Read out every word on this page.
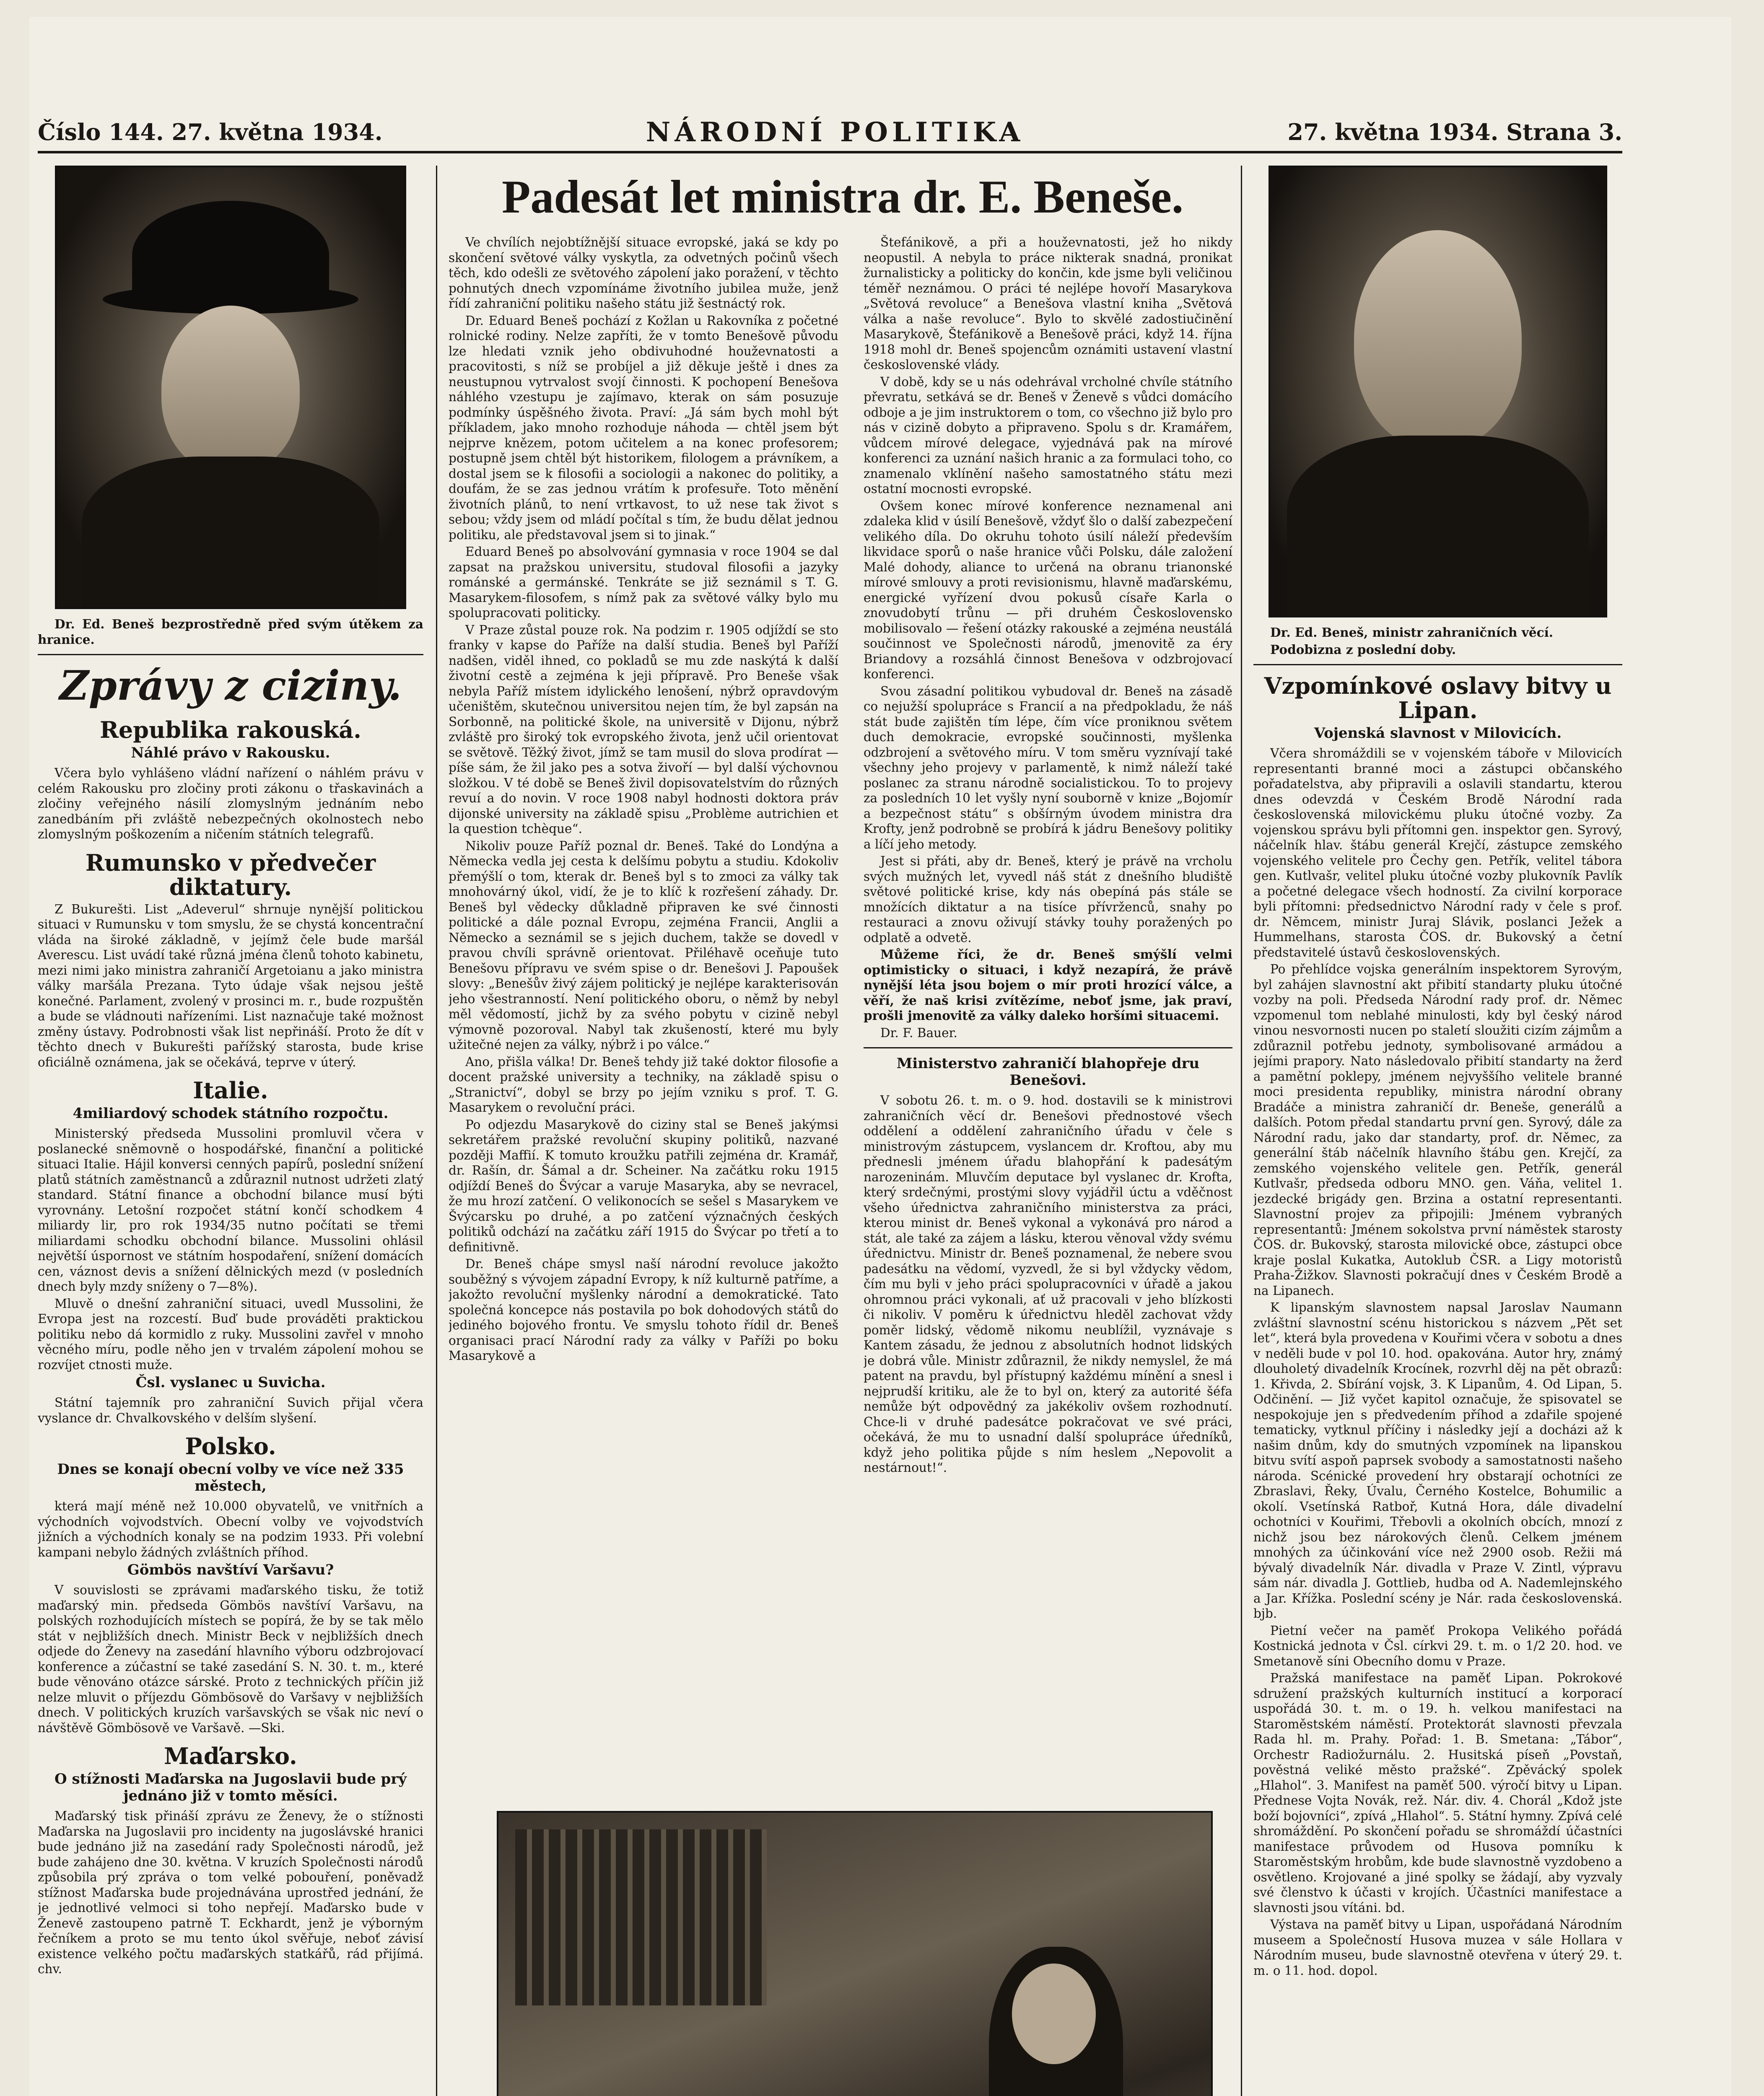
Číslo 144. 27. května 1934.	NÁRODNÍ POLITIKA	27. května 1934. Strana 3.

Dr. Ed. Beneš bezprostředně před svým útěkem za hranice.

Zprávy z ciziny.
Republika rakouská.
Náhlé právo v Rakousku.

Včera bylo vyhlášeno vládní nařízení o náhlém právu v celém Rakousku pro zločiny proti zákonu o třaskavinách a zločiny veřejného násilí zlomyslným jednáním nebo zanedbáním při zvláště nebezpečných okolnostech nebo zlomyslným poškozením a ničením státních telegrafů.

Rumunsko v předvečer diktatury.

Z Bukurešti. List „Adeverul“ shrnuje nynější politickou situaci v Rumunsku v tom smyslu, že se chystá koncentrační vláda na široké základně, v jejímž čele bude maršál Averescu. List uvádí také různá jména členů tohoto kabinetu, mezi nimi jako ministra zahraničí Argetoianu a jako ministra války maršála Prezana. Tyto údaje však nejsou ještě konečné. Parlament, zvolený v prosinci m. r., bude rozpuštěn a bude se vládnouti nařízeními. List naznačuje také možnost změny ústavy. Podrobnosti však list nepřináší. Proto že dít v těchto dnech v Bukurešti pařížský starosta, bude krise oficiálně oznámena, jak se očekává, teprve v úterý.

Italie.
4miliardový schodek státního rozpočtu.

Ministerský předseda Mussolini promluvil včera v poslanecké sněmovně o hospodářské, finanční a politické situaci Italie. Hájil konversi cenných papírů, poslední snížení platů státních zaměstnanců a zdůraznil nutnost udržeti zlatý standard. Státní finance a obchodní bilance musí býti vyrovnány. Letošní rozpočet státní končí schodkem 4 miliardy lir, pro rok 1934/35 nutno počítati se třemi miliardami schodku obchodní bilance. Mussolini ohlásil největší úspornost ve státním hospodaření, snížení domácích cen, váznost devis a snížení dělnických mezd (v posledních dnech byly mzdy sníženy o 7—8%).

Mluvě o dnešní zahraniční situaci, uvedl Mussolini, že Evropa jest na rozcestí. Buď bude prováděti praktickou politiku nebo dá kormidlo z ruky. Mussolini zavřel v mnoho věcného míru, podle něho jen v trvalém zápolení mohou se rozvíjet ctnosti muže.

Čsl. vyslanec u Suvicha.

Státní tajemník pro zahraniční Suvich přijal včera vyslance dr. Chvalkovského v delším slyšení.

Polsko.
Dnes se konají obecní volby ve více než 335 městech,

která mají méně než 10.000 obyvatelů, ve vnitřních a východních vojvodstvích. Obecní volby ve vojvodstvích jižních a východních konaly se na podzim 1933. Při volební kampani nebylo žádných zvláštních příhod.

Gömbös navštíví Varšavu?

V souvislosti se zprávami maďarského tisku, že totiž maďarský min. předseda Gömbös navštíví Varšavu, na polských rozhodujících místech se popírá, že by se tak mělo stát v nejbližších dnech. Ministr Beck v nejbližších dnech odjede do Ženevy na zasedání hlavního výboru odzbrojovací konference a zúčastní se také zasedání S. N. 30. t. m., které bude věnováno otázce sárské. Proto z technických příčin již nelze mluvit o příjezdu Gömbösově do Varšavy v nejbližších dnech. V politických kruzích varšavských se však nic neví o návštěvě Gömbösově ve Varšavě. —Ski.

Maďarsko.
O stížnosti Maďarska na Jugoslavii bude prý jednáno již v tomto měsíci.

Maďarský tisk přináší zprávu ze Ženevy, že o stížnosti Maďarska na Jugoslavii pro incidenty na jugoslávské hranici bude jednáno již na zasedání rady Společnosti národů, jež bude zahájeno dne 30. května. V kruzích Společnosti národů způsobila prý zpráva o tom velké pobouření, poněvadž stížnost Maďarska bude projednávána uprostřed jednání, že je jednotlivé velmoci si toho nepřejí. Maďarsko bude v Ženevě zastoupeno patrně T. Eckhardt, jenž je výborným řečníkem a proto se mu tento úkol svěřuje, neboť závisí existence velkého počtu maďarských statkářů, rád přijímá. chv.

Padesát let ministra dr. E. Beneše.

Ve chvílích nejobtížnější situace evropské, jaká se kdy po skončení světové války vyskytla, za odvetných počinů všech těch, kdo odešli ze světového zápolení jako poražení, v těchto pohnutých dnech vzpomínáme životního jubilea muže, jenž řídí zahraniční politiku našeho státu již šestnáctý rok.

Dr. Eduard Beneš pochází z Kožlan u Rakovníka z početné rolnické rodiny. Nelze zapříti, že v tomto Benešově původu lze hledati vznik jeho obdivuhodné houževnatosti a pracovitosti, s níž se probíjel a již děkuje ještě i dnes za neustupnou vytrvalost svojí činnosti. K pochopení Benešova náhlého vzestupu je zajímavo, kterak on sám posuzuje podmínky úspěšného života. Praví: „Já sám bych mohl být příkladem, jako mnoho rozhoduje náhoda — chtěl jsem být nejprve knězem, potom učitelem a na konec profesorem; postupně jsem chtěl být historikem, filologem a právníkem, a dostal jsem se k filosofii a sociologii a nakonec do politiky, a doufám, že se zas jednou vrátím k profesuře. Toto měnění životních plánů, to není vrtkavost, to už nese tak život s sebou; vždy jsem od mládí počítal s tím, že budu dělat jednou politiku, ale představoval jsem si to jinak.“

Eduard Beneš po absolvování gymnasia v roce 1904 se dal zapsat na pražskou universitu, studoval filosofii a jazyky románské a germánské. Tenkráte se již seznámil s T. G. Masarykem-filosofem, s nímž pak za světové války bylo mu spolupracovati politicky.

V Praze zůstal pouze rok. Na podzim r. 1905 odjíždí se sto franky v kapse do Paříže na další studia. Beneš byl Paříží nadšen, viděl ihned, co pokladů se mu zde naskýtá k další životní cestě a zejména k jeji přípravě. Pro Beneše však nebyla Paříž místem idylického lenošení, nýbrž opravdovým učeništěm, skutečnou universitou nejen tím, že byl zapsán na Sorbonně, na politické škole, na universitě v Dijonu, nýbrž zvláště pro široký tok evropského života, jenž učil orientovat se světově. Těžký život, jímž se tam musil do slova prodírat — píše sám, že žil jako pes a sotva živoří — byl další výchovnou složkou. V té době se Beneš živil dopisovatelstvím do různých revuí a do novin. V roce 1908 nabyl hodnosti doktora práv dijonské university na základě spisu „Problème autrichien et la question tchèque“.

Nikoliv pouze Paříž poznal dr. Beneš. Také do Londýna a Německa vedla jej cesta k delšímu pobytu a studiu. Kdokoliv přemýšlí o tom, kterak dr. Beneš byl s to zmoci za války tak mnohovárný úkol, vidí, že je to klíč k rozřešení záhady. Dr. Beneš byl vědecky důkladně připraven ke své činnosti politické a dále poznal Evropu, zejména Francii, Anglii a Německo a seznámil se s jejich duchem, takže se dovedl v pravou chvíli správně orientovat. Přiléhavě oceňuje tuto Benešovu přípravu ve svém spise o dr. Benešovi J. Papoušek slovy: „Benešův živý zájem politický je nejlépe karakterisován jeho všestranností. Není politického oboru, o němž by nebyl měl vědomostí, jichž by za svého pobytu v cizině nebyl výmovně pozoroval. Nabyl tak zkušeností, které mu byly užitečné nejen za války, nýbrž i po válce.“

Ano, přišla válka! Dr. Beneš tehdy již také doktor filosofie a docent pražské university a techniky, na základě spisu o „Stranictví“, dobyl se brzy po jejím vzniku s prof. T. G. Masarykem o revoluční práci.

Po odjezdu Masarykově do ciziny stal se Beneš jakýmsi sekretářem pražské revoluční skupiny politiků, nazvané později Maffií. K tomuto kroužku patřili zejména dr. Kramář, dr. Rašín, dr. Šámal a dr. Scheiner. Na začátku roku 1915 odjíždí Beneš do Švýcar a varuje Masaryka, aby se nevracel, že mu hrozí zatčení. O velikonocích se sešel s Masarykem ve Švýcarsku po druhé, a po zatčení význačných českých politiků odchází na začátku září 1915 do Švýcar po třetí a to definitivně.

Dr. Beneš chápe smysl naší národní revoluce jakožto souběžný s vývojem západní Evropy, k níž kulturně patříme, a jakožto revoluční myšlenky národní a demokratické. Tato společná koncepce nás postavila po bok dohodových států do jediného bojového frontu. Ve smyslu tohoto řídil dr. Beneš organisaci prací Národní rady za války v Paříži po boku Masarykově a

Štefánikově, a při a houževnatosti, jež ho nikdy neopustil. A nebyla to práce nikterak snadná, pronikat žurnalisticky a politicky do končin, kde jsme byli veličinou téměř neznámou. O práci té nejlépe hovoří Masarykova „Světová revoluce“ a Benešova vlastní kniha „Světová válka a naše revoluce“. Bylo to skvělé zadostiučinění Masarykově, Štefánikově a Benešově práci, když 14. října 1918 mohl dr. Beneš spojencům oznámiti ustavení vlastní československé vlády.

V době, kdy se u nás odehrával vrcholné chvíle státního převratu, setkává se dr. Beneš v Ženevě s vůdci domácího odboje a je jim instruktorem o tom, co všechno již bylo pro nás v cizině dobyto a připraveno. Spolu s dr. Kramářem, vůdcem mírové delegace, vyjednává pak na mírové konferenci za uznání našich hranic a za formulaci toho, co znamenalo vklínění našeho samostatného státu mezi ostatní mocnosti evropské.

Ovšem konec mírové konference neznamenal ani zdaleka klid v úsilí Benešově, vždyť šlo o další zabezpečení velikého díla. Do okruhu tohoto úsilí náleží především likvidace sporů o naše hranice vůči Polsku, dále založení Malé dohody, aliance to určená na obranu trianonské mírové smlouvy a proti revisionismu, hlavně maďarskému, energické vyřízení dvou pokusů císaře Karla o znovudobytí trůnu — při druhém Československo mobilisovalo — řešení otázky rakouské a zejména neustálá součinnost ve Společnosti národů, jmenovitě za éry Briandovy a rozsáhlá činnost Benešova v odzbrojovací konferenci.

Svou zásadní politikou vybudoval dr. Beneš na zásadě co nejužší spolupráce s Francií a na předpokladu, že náš stát bude zajištěn tím lépe, čím více proniknou světem duch demokracie, evropské součinnosti, myšlenka odzbrojení a světového míru. V tom směru vyznívají také všechny jeho projevy v parlamentě, k nimž náleží také poslanec za stranu národně socialistickou. To to projevy za posledních 10 let vyšly nyní souborně v knize „Bojomír a bezpečnost státu“ s obšírným úvodem ministra dra Krofty, jenž podrobně se probírá k jádru Benešovy politiky a líčí jeho metody.

Jest si přáti, aby dr. Beneš, který je právě na vrcholu svých mužných let, vyvedl náš stát z dnešního bludiště světové politické krise, kdy nás obepíná pás stále se množících diktatur a na tisíce přívrženců, snahy po restauraci a znovu oživují stávky touhy poražených po odplatě a odvetě.

Můžeme říci, že dr. Beneš smýšlí velmi optimisticky o situaci, i když nezapírá, že právě nynější léta jsou bojem o mír proti hrozící válce, a věří, že naš krisi zvítězíme, neboť jsme, jak praví, prošli jmenovitě za války daleko horšími situacemi.

Dr. F. Bauer.

Ministerstvo zahraničí blahopřeje dru Benešovi.

V sobotu 26. t. m. o 9. hod. dostavili se k ministrovi zahraničních věcí dr. Benešovi přednostové všech oddělení a oddělení zahraničního úřadu v čele s ministrovým zástupcem, vyslancem dr. Kroftou, aby mu přednesli jménem úřadu blahopřání k padesátým narozeninám. Mluvčím deputace byl vyslanec dr. Krofta, který srdečnými, prostými slovy vyjádřil úctu a vděčnost všeho úřednictva zahraničního ministerstva za práci, kterou minist dr. Beneš vykonal a vykonává pro národ a stát, ale také za zájem a lásku, kterou věnoval vždy svému úřednictvu. Ministr dr. Beneš poznamenal, že nebere svou padesátku na vědomí, vyzvedl, že si byl vždycky vědom, čím mu byli v jeho práci spolupracovníci v úřadě a jakou ohromnou práci vykonali, ať už pracovali v jeho blízkosti či nikoliv. V poměru k úřednictvu hleděl zachovat vždy poměr lidský, vědomě nikomu neublížil, vyznávaje s Kantem zásadu, že jednou z absolutních hodnot lidských je dobrá vůle. Ministr zdůraznil, že nikdy nemyslel, že má patent na pravdu, byl přístupný každému mínění a snesl i nejprudší kritiku, ale že to byl on, který za autorité šéfa nemůže být odpovědný za jakékoliv ovšem rozhodnutí. Chce-li v druhé padesátce pokračovat ve své práci, očekává, že mu to usnadní další spolupráce úředníků, když jeho politika půjde s ním heslem „Nepovolit a nestárnout!“.

Dr. Ed. Beneš, ministr zahraničních věcí.

Podobizna z poslední doby.

Vzpomínkové oslavy bitvy u Lipan.
Vojenská slavnost v Milovicích.

Včera shromáždili se v vojenském táboře v Milovicích representanti branné moci a zástupci občanského pořadatelstva, aby připravili a oslavili standartu, kterou dnes odevzdá v Českém Brodě Národní rada československá milovickému pluku útočné vozby. Za vojenskou správu byli přítomni gen. inspektor gen. Syrový, náčelník hlav. štábu generál Krejčí, zástupce zemského vojenského velitele pro Čechy gen. Petřík, velitel tábora gen. Kutlvašr, velitel pluku útočné vozby plukovník Pavlík a početné delegace všech hodností. Za civilní korporace byli přítomni: předsednictvo Národní rady v čele s prof. dr. Němcem, ministr Juraj Slávik, poslanci Ježek a Hummelhans, starosta ČOS. dr. Bukovský a četní představitelé ústavů československých.

Po přehlídce vojska generálním inspektorem Syrovým, byl zahájen slavnostní akt přibití standarty pluku útočné vozby na poli. Předseda Národní rady prof. dr. Němec vzpomenul tom neblahé minulosti, kdy byl český národ vinou nesvornosti nucen po staletí sloužiti cizím zájmům a zdůraznil potřebu jednoty, symbolisované armádou a jejími prapory. Nato následovalo přibití standarty na žerď a pamětní poklepy, jménem nejvyššího velitele branné moci presidenta republiky, ministra národní obrany Bradáče a ministra zahraničí dr. Beneše, generálů a dalších. Potom předal standartu první gen. Syrový, dále za Národní radu, jako dar standarty, prof. dr. Němec, za generální štáb náčelník hlavního štábu gen. Krejčí, za zemského vojenského velitele gen. Petřík, generál Kutlvašr, předseda odboru MNO. gen. Váňa, velitel 1. jezdecké brigády gen. Brzina a ostatní representanti. Slavnostní projev za připojili: Jménem vybraných representantů: Jménem sokolstva první náměstek starosty ČOS. dr. Bukovský, starosta milovické obce, zástupci obce kraje poslal Kukatka, Autoklub ČSR. a Ligy motoristů Praha-Žižkov. Slavnosti pokračují dnes v Českém Brodě a na Lipanech.

K lipanským slavnostem napsal Jaroslav Naumann zvláštní slavnostní scénu historickou s názvem „Pět set let“, která byla provedena v Kouřimi včera v sobotu a dnes v neděli bude v pol 10. hod. opakována. Autor hry, známý dlouholetý divadelník Krocínek, rozvrhl děj na pět obrazů: 1. Křivda, 2. Sbírání vojsk, 3. K Lipanům, 4. Od Lipan, 5. Odčinění. — Již vyčet kapitol označuje, že spisovatel se nespokojuje jen s předvedením příhod a zdařile spojené tematicky, vytknul příčiny i následky její a docházi až k našim dnům, kdy do smutných vzpomínek na lipanskou bitvu svítí aspoň paprsek svobody a samostatnosti našeho národa. Scénické provedení hry obstarají ochotníci ze Zbraslavi, Řeky, Úvalu, Černého Kostelce, Bohumilic a okolí. Vsetínská Ratboř, Kutná Hora, dále divadelní ochotníci v Kouřimi, Třebovli a okolních obcích, mnozí z nichž jsou bez nárokových členů. Celkem jménem mnohých za účinkování více než 2900 osob. Režii má bývalý divadelník Nár. divadla v Praze V. Zintl, výpravu sám nár. divadla J. Gottlieb, hudba od A. Nademlejnského a Jar. Křížka. Poslední scény je Nár. rada československá. bjb.

Pietní večer na paměť Prokopa Velikého pořádá Kostnická jednota v Čsl. církvi 29. t. m. o 1/2 20. hod. ve Smetanově síni Obecního domu v Praze.

Pražská manifestace na paměť Lipan. Pokrokové sdružení pražských kulturních institucí a korporací uspořádá 30. t. m. o 19. h. velkou manifestaci na Staroměstském náměstí. Protektorát slavnosti převzala Rada hl. m. Prahy. Pořad: 1. B. Smetana: „Tábor“, Orchestr Radiožurnálu. 2. Husitská píseň „Povstaň, pověstná veliké město pražské“. Zpěvácký spolek „Hlahol“. 3. Manifest na paměť 500. výročí bitvy u Lipan. Přednese Vojta Novák, rež. Nár. div. 4. Chorál „Kdož jste boží bojovníci“, zpívá „Hlahol“. 5. Státní hymny. Zpívá celé shromáždění. Po skončení pořadu se shromáždí účastníci manifestace průvodem od Husova pomníku k Staroměstským hrobům, kde bude slavnostně vyzdobeno a osvětleno. Krojované a jiné spolky se žádají, aby vyzvaly své členstvo k účasti v krojích. Účastníci manifestace a slavnosti jsou vítáni. bd.

Výstava na paměť bitvy u Lipan, uspořádaná Národním museem a Společností Husova muzea v sále Hollara v Národním museu, bude slavnostně otevřena v úterý 29. t. m. o 11. hod. dopol.
